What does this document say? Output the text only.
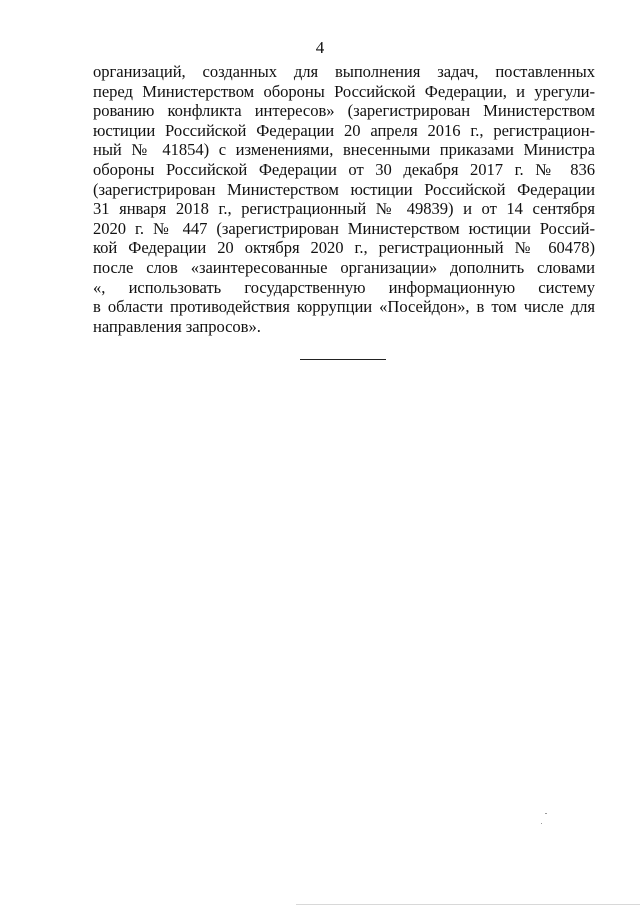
4
организаций, созданных для выполнения задач, поставленных
перед Министерством обороны Российской Федерации, и урегули-
рованию конфликта интересов» (зарегистрирован Министерством
юстиции Российской Федерации 20 апреля 2016 г., регистрацион-
ный № 41854) с изменениями, внесенными приказами Министра
обороны Российской Федерации от 30 декабря 2017 г. № 836
(зарегистрирован Министерством юстиции Российской Федерации
31 января 2018 г., регистрационный № 49839) и от 14 сентября
2020 г. № 447 (зарегистрирован Министерством юстиции Россий-
кой Федерации 20 октября 2020 г., регистрационный № 60478)
после слов «заинтересованные организации» дополнить словами
«, использовать государственную информационную систему
в области противодействия коррупции «Посейдон», в том числе для
направления запросов».
